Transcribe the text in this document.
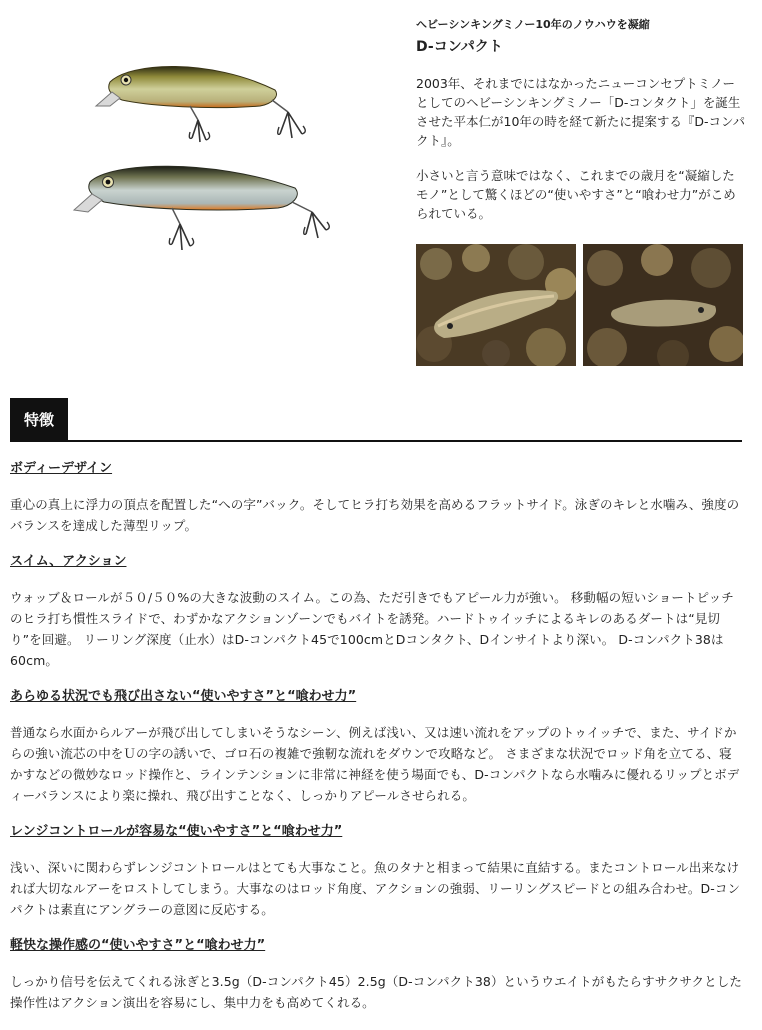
ヘビーシンキングミノー10年のノウハウを凝縮

D-コンパクト

2003年、それまでにはなかったニューコンセプトミノーとしてのヘビーシンキングミノー「D-コンタクト」を誕生させた平本仁が10年の時を経て新たに提案する『D-コンパクト』。

小さいと言う意味ではなく、これまでの歳月を“凝縮したモノ”として驚くほどの“使いやすさ”と“喰わせ力”がこめられている。

特徴

ボディーデザイン

重心の真上に浮力の頂点を配置した“への字”バック。そしてヒラ打ち効果を高めるフラットサイド。泳ぎのキレと水噛み、強度のバランスを達成した薄型リップ。

スイム、アクション

ウォッブ＆ロールが５０/５０%の大きな波動のスイム。この為、ただ引きでもアピール力が強い。 移動幅の短いショートピッチのヒラ打ち慣性スライドで、わずかなアクションゾーンでもバイトを誘発。ハードトゥイッチによるキレのあるダートは“見切り”を回避。 リーリング深度（止水）はD-コンパクト45で100cmとDコンタクト、Dインサイトより深い。 D-コンパクト38は60cm。

あらゆる状況でも飛び出さない“使いやすさ”と“喰わせ力”

普通なら水面からルアーが飛び出してしまいそうなシーン、例えば浅い、又は速い流れをアップのトゥイッチで、また、サイドからの強い流芯の中をＵの字の誘いで、ゴロ石の複雑で強靭な流れをダウンで攻略など。 さまざまな状況でロッド角を立てる、寝かすなどの微妙なロッド操作と、ラインテンションに非常に神経を使う場面でも、D-コンパクトなら水噛みに優れるリップとボディーバランスにより楽に操れ、飛び出すことなく、しっかりアピールさせられる。

レンジコントロールが容易な“使いやすさ”と“喰わせ力”

浅い、深いに関わらずレンジコントロールはとても大事なこと。魚のタナと相まって結果に直結する。またコントロール出来なければ大切なルアーをロストしてしまう。大事なのはロッド角度、アクションの強弱、リーリングスピードとの組み合わせ。D-コンパクトは素直にアングラーの意図に反応する。

軽快な操作感の“使いやすさ”と“喰わせ力”

しっかり信号を伝えてくれる泳ぎと3.5g（D-コンパクト45）2.5g（D-コンパクト38）というウエイトがもたらすサクサクとした操作性はアクション演出を容易にし、集中力をも高めてくれる。
